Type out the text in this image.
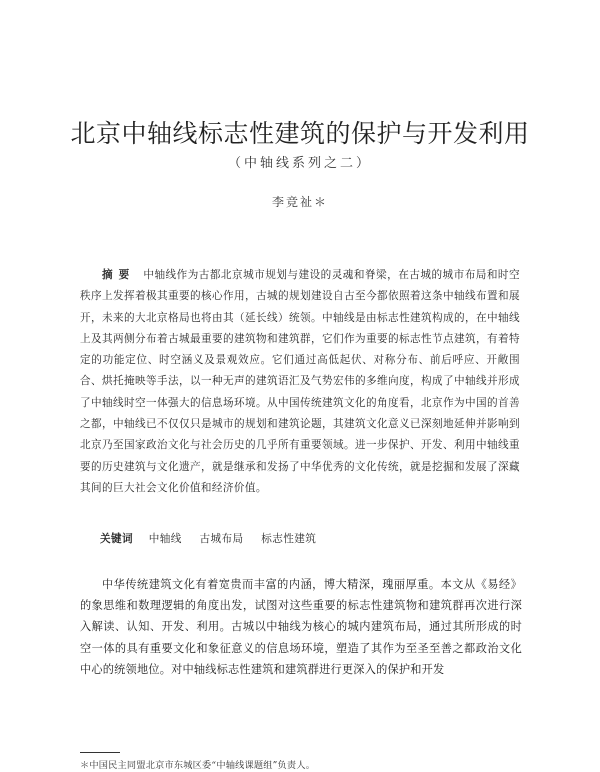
北京中轴线标志性建筑的保护与开发利用
（中轴线系列之二）
李竞祉＊
摘要 中轴线作为古都北京城市规划与建设的灵魂和脊梁，在古城的城市布局和时空秩序上发挥着极其重要的核心作用，古城的规划建设自古至今都依照着这条中轴线布置和展开，未来的大北京格局也将由其（延长线）统领。中轴线是由标志性建筑构成的，在中轴线上及其两侧分布着古城最重要的建筑物和建筑群，它们作为重要的标志性节点建筑，有着特定的功能定位、时空涵义及景观效应。它们通过高低起伏、对称分布、前后呼应、开敞围合、烘托掩映等手法，以一种无声的建筑语汇及气势宏伟的多维向度，构成了中轴线并形成了中轴线时空一体强大的信息场环境。从中国传统建筑文化的角度看，北京作为中国的首善之都，中轴线已不仅仅只是城市的规划和建筑论题，其建筑文化意义已深刻地延伸并影响到北京乃至国家政治文化与社会历史的几乎所有重要领域。进一步保护、开发、利用中轴线重要的历史建筑与文化遗产，就是继承和发扬了中华优秀的文化传统，就是挖掘和发展了深藏其间的巨大社会文化价值和经济价值。
关键词 中轴线 古城布局 标志性建筑
中华传统建筑文化有着宽贵而丰富的内涵，博大精深，瑰丽厚重。本文从《易经》的象思维和数理逻辑的角度出发，试图对这些重要的标志性建筑物和建筑群再次进行深入解读、认知、开发、利用。古城以中轴线为核心的城内建筑布局，通过其所形成的时空一体的具有重要文化和象征意义的信息场环境，塑造了其作为至圣至善之都政治文化中心的统领地位。对中轴线标志性建筑和建筑群进行更深入的保护和开发
＊中国民主同盟北京市东城区委“中轴线课题组”负责人。
